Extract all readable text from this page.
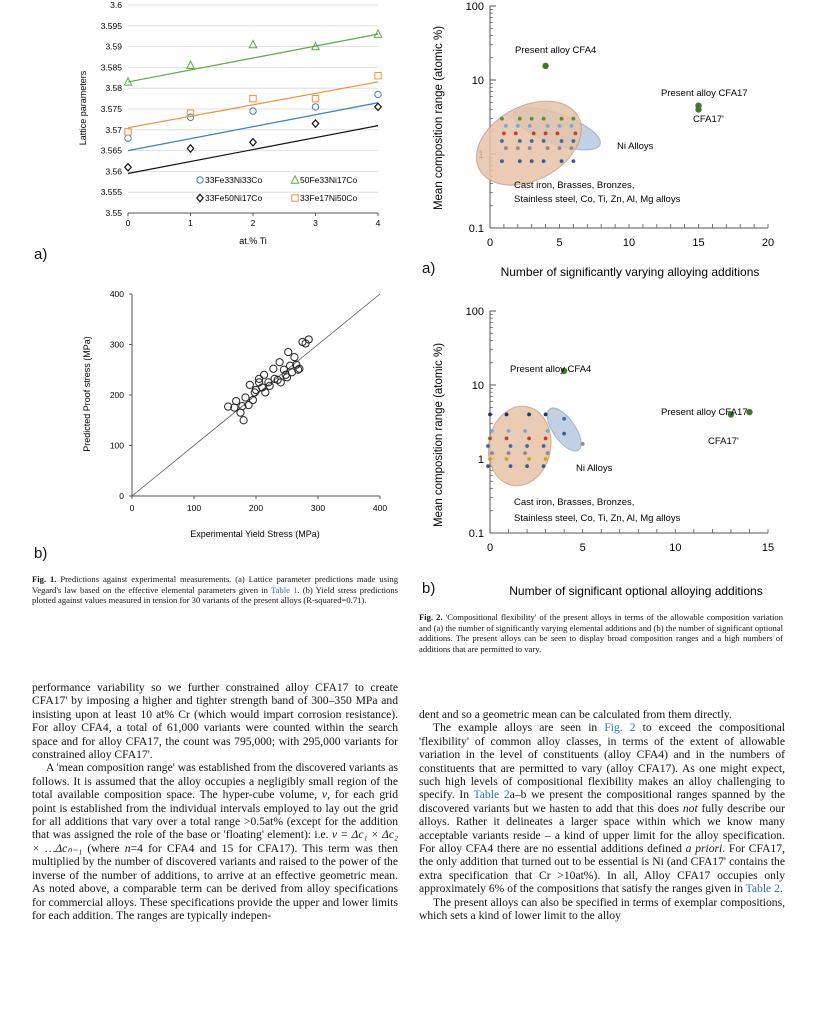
3.55
3.555
3.56
3.565
3.57
3.575
3.58
3.585
3.59
3.595
3.6
0	1	2	3	4
Lattice parameters
at.% Ti
33Fe33Ni33Co	50Fe33Ni17Co
33Fe50Ni17Co	33Fe17Ni50Co
a)
0
100
200
300
400
0	100	200	300	400
Predicted Proof stress (MPa)
Experimental Yield Stress (MPa)
b)
Fig. 1. Predictions against experimental measurements. (a) Lattice parameter predictions made using Vegard's law based on the effective elemental parameters given in Table 1. (b) Yield stress predictions plotted against values measured in tension for 30 variants of the present alloys (R-squared=0.71).
0.1
10
100
0	5	10	15	20
Mean composition range (atomic %)
Number of significantly varying alloying additions
Present alloy CFA4
Present alloy CFA17
CFA17'
Ni Alloys
Cast iron, Brasses, Bronzes,
Stainless steel, Co, Ti, Zn, Al, Mg alloys
a)
0.1
1
10
100
0	5	10	15
Mean composition range (atomic %)
Number of significant optional alloying additions
Present alloy CFA4
Present alloy CFA17
CFA17'
Ni Alloys
Cast iron, Brasses, Bronzes,
Stainless steel, Co, Ti, Zn, Al, Mg alloys
b)
Fig. 2. 'Compositional flexibility' of the present alloys in terms of the allowable composition variation and (a) the number of significantly varying elemental additions and (b) the number of significant optional additions. The present alloys can be seen to display broad composition ranges and a high numbers of additions that are permitted to vary.

performance variability so we further constrained alloy CFA17 to create CFA17' by imposing a higher and tighter strength band of 300–350 MPa and insisting upon at least 10 at% Cr (which would impart corrosion resistance). For alloy CFA4, a total of 61,000 variants were counted within the search space and for alloy CFA17, the count was 795,000; with 295,000 variants for constrained alloy CFA17'.

A 'mean composition range' was established from the discovered variants as follows. It is assumed that the alloy occupies a negligibly small region of the total available composition space. The hyper-cube volume, v, for each grid point is established from the individual intervals employed to lay out the grid for all additions that vary over a total range >0.5at% (except for the addition that was assigned the role of the base or 'floating' element): i.e. v = Δc₁ × Δc₂ × …Δcₙ₋₁ (where n=4 for CFA4 and 15 for CFA17). This term was then multiplied by the number of discovered variants and raised to the power of the inverse of the number of additions, to arrive at an effective geometric mean. As noted above, a comparable term can be derived from alloy specifications for commercial alloys. These specifications provide the upper and lower limits for each addition. The ranges are typically indepen-

dent and so a geometric mean can be calculated from them directly.

The example alloys are seen in Fig. 2 to exceed the compositional 'flexibility' of common alloy classes, in terms of the extent of allowable variation in the level of constituents (alloy CFA4) and in the numbers of constituents that are permitted to vary (alloy CFA17). As one might expect, such high levels of compositional flexibility makes an alloy challenging to specify. In Table 2a–b we present the compositional ranges spanned by the discovered variants but we hasten to add that this does not fully describe our alloys. Rather it delineates a larger space within which we know many acceptable variants reside – a kind of upper limit for the alloy specification. For alloy CFA4 there are no essential additions defined a priori. For CFA17, the only addition that turned out to be essential is Ni (and CFA17' contains the extra specification that Cr >10at%). In all, Alloy CFA17 occupies only approximately 6% of the compositions that satisfy the ranges given in Table 2.

The present alloys can also be specified in terms of exemplar compositions, which sets a kind of lower limit to the alloy
